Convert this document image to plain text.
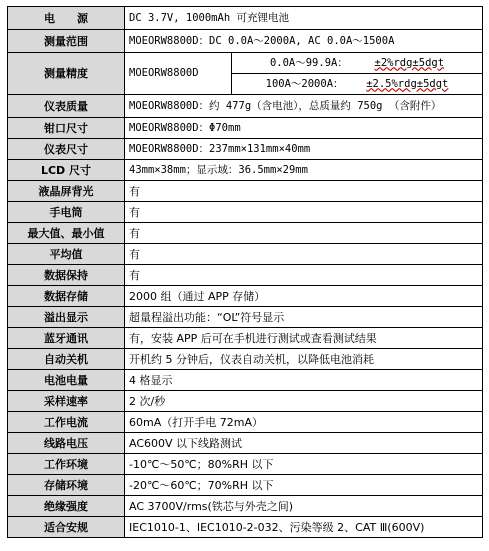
电　　源	DC 3.7V, 1000mAh 可充锂电池	
测量范围	MOEORW8800D：DC 0.0A～2000A, AC 0.0A～1500A	
测量精度	MOEORW8800D	0.0A～99.9A： ±2%rdg±5dgt
		100A～2000A： ±2.5%rdg±5dgt
仪表质量	MOEORW8800D：约 477g（含电池），总质量约 750g （含附件）	
钳口尺寸	MOEORW8800D：Φ70mm	
仪表尺寸	MOEORW8800D：237mm×131mm×40mm	
LCD 尺寸	43mm×38mm；显示域：36.5mm×29mm	
液晶屏背光	有	
手电筒	有	
最大值、最小值	有	
平均值	有	
数据保持	有	
数据存储	2000 组（通过 APP 存储）	
溢出显示	超量程溢出功能：“OL”符号显示	
蓝牙通讯	有，安装 APP 后可在手机进行测试或查看测试结果	
自动关机	开机约 5 分钟后，仪表自动关机，以降低电池消耗	
电池电量	4 格显示	
采样速率	2 次/秒	
工作电流	60mA（打开手电 72mA）	
线路电压	AC600V 以下线路测试	
工作环境	-10℃～50℃；80%RH 以下	
存储环境	-20℃～60℃；70%RH 以下	
绝缘强度	AC 3700V/rms(铁芯与外壳之间)	
适合安规	IEC1010-1、IEC1010-2-032、污染等级 2、CAT Ⅲ(600V)	
